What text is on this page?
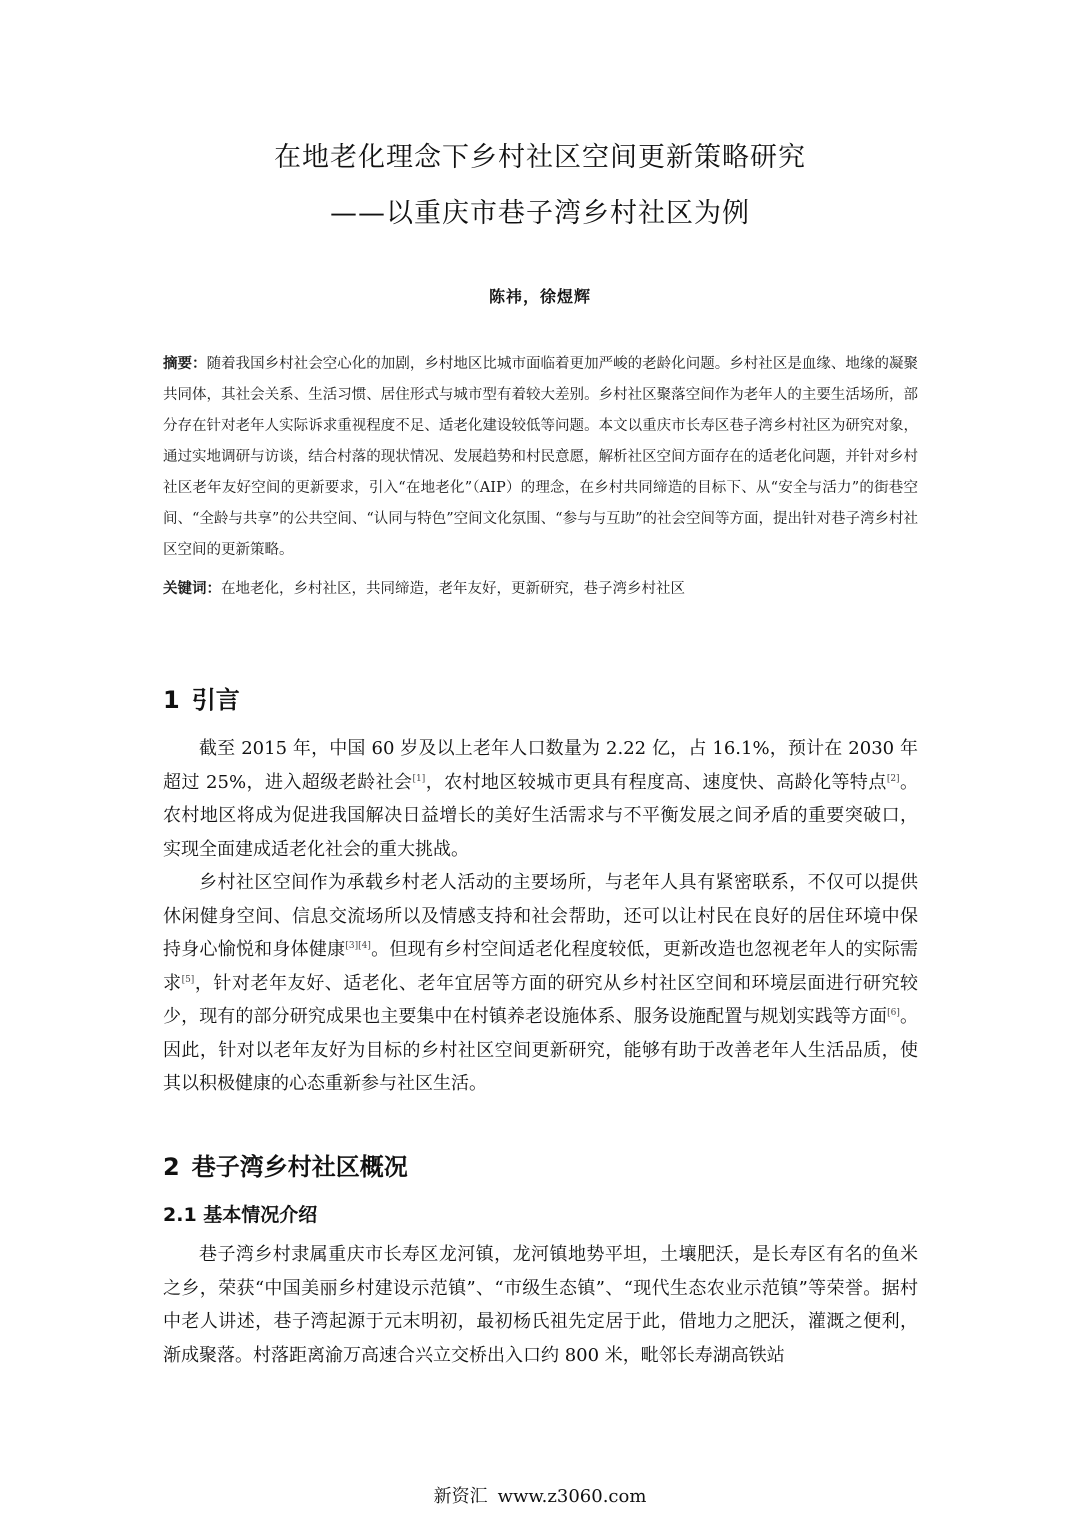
在地老化理念下乡村社区空间更新策略研究
——以重庆市巷子湾乡村社区为例
陈祎，徐煜辉
摘要：随着我国乡村社会空心化的加剧，乡村地区比城市面临着更加严峻的老龄化问题。乡村社区是血缘、地缘的凝聚共同体，其社会关系、生活习惯、居住形式与城市型有着较大差别。乡村社区聚落空间作为老年人的主要生活场所，部分存在针对老年人实际诉求重视程度不足、适老化建设较低等问题。本文以重庆市长寿区巷子湾乡村社区为研究对象，通过实地调研与访谈，结合村落的现状情况、发展趋势和村民意愿，解析社区空间方面存在的适老化问题，并针对乡村社区老年友好空间的更新要求，引入“在地老化”（AIP）的理念，在乡村共同缔造的目标下、从“安全与活力”的街巷空间、“全龄与共享”的公共空间、“认同与特色”空间文化氛围、“参与与互助”的社会空间等方面，提出针对巷子湾乡村社区空间的更新策略。
关键词：在地老化，乡村社区，共同缔造，老年友好，更新研究，巷子湾乡村社区
1 引言

截至 2015 年，中国 60 岁及以上老年人口数量为 2.22 亿，占 16.1%，预计在 2030 年超过 25%，进入超级老龄社会[1]，农村地区较城市更具有程度高、速度快、高龄化等特点[2]。农村地区将成为促进我国解决日益增长的美好生活需求与不平衡发展之间矛盾的重要突破口，实现全面建成适老化社会的重大挑战。

乡村社区空间作为承载乡村老人活动的主要场所，与老年人具有紧密联系，不仅可以提供休闲健身空间、信息交流场所以及情感支持和社会帮助，还可以让村民在良好的居住环境中保持身心愉悦和身体健康[3][4]。但现有乡村空间适老化程度较低，更新改造也忽视老年人的实际需求[5]，针对老年友好、适老化、老年宜居等方面的研究从乡村社区空间和环境层面进行研究较少，现有的部分研究成果也主要集中在村镇养老设施体系、服务设施配置与规划实践等方面[6]。因此，针对以老年友好为目标的乡村社区空间更新研究，能够有助于改善老年人生活品质，使其以积极健康的心态重新参与社区生活。

2 巷子湾乡村社区概况
2.1 基本情况介绍

巷子湾乡村隶属重庆市长寿区龙河镇，龙河镇地势平坦，土壤肥沃，是长寿区有名的鱼米之乡，荣获“中国美丽乡村建设示范镇”、“市级生态镇”、“现代生态农业示范镇”等荣誉。据村中老人讲述，巷子湾起源于元末明初，最初杨氏祖先定居于此，借地力之肥沃，灌溉之便利，渐成聚落。村落距离渝万高速合兴立交桥出入口约 800 米，毗邻长寿湖高铁站

新资汇 www.z3060.com
